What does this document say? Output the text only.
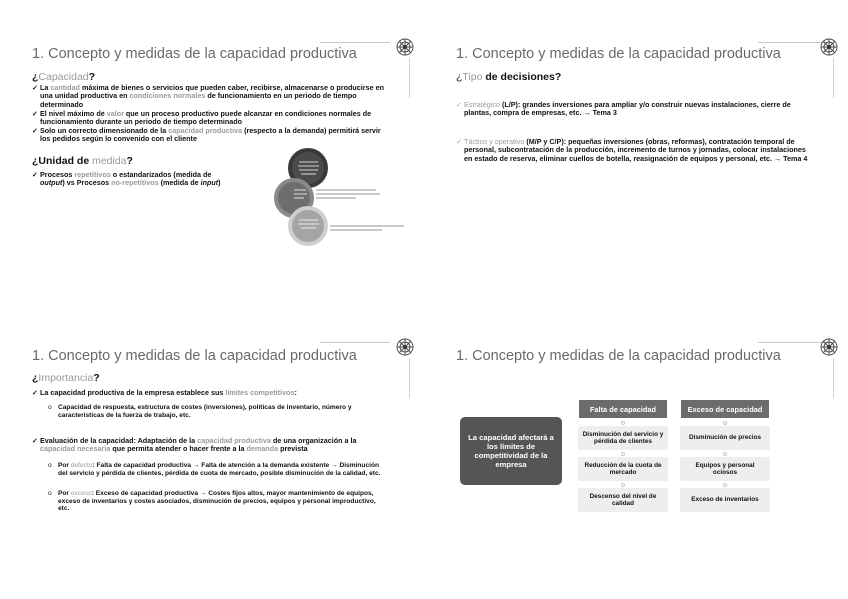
1. Concepto y medidas de la capacidad productiva
¿Capacidad?
✓ La cantidad máxima de bienes o servicios que pueden caber, recibirse, almacenarse o producirse en una unidad productiva en condiciones normales de funcionamiento en un periodo de tiempo determinado
✓ El nivel máximo de valor que un proceso productivo puede alcanzar en condiciones normales de funcionamiento durante un periodo de tiempo determinado
✓ Solo un correcto dimensionado de la capacidad productiva (respecto a la demanda) permitirá servir los pedidos según lo convenido con el cliente
¿Unidad de medida?
✓ Procesos repetitivos o estandarizados (medida de output) vs Procesos no-repetitivos (medida de input)
1. Concepto y medidas de la capacidad productiva
¿Tipo de decisiones?
✓ Estratégico (L/P): grandes inversiones para ampliar y/o construir nuevas instalaciones, cierre de plantas, compra de empresas, etc. → Tema 3
✓ Táctico y operativo (M/P y C/P): pequeñas inversiones (obras, reformas), contratación temporal de personal, subcontratación de la producción, incremento de turnos y jornadas, colocar instalaciones en estado de reserva, eliminar cuellos de botella, reasignación de equipos y personal, etc. → Tema 4
1. Concepto y medidas de la capacidad productiva
¿Importancia?
✓ La capacidad productiva de la empresa establece sus límites competitivos:
o Capacidad de respuesta, estructura de costes (inversiones), políticas de inventario, número y características de la fuerza de trabajo, etc.
✓ Evaluación de la capacidad: Adaptación de la capacidad productiva de una organización a la capacidad necesaria que permita atender o hacer frente a la demanda prevista
o Por defecto: Falta de capacidad productiva → Falta de atención a la demanda existente → Disminución del servicio y pérdida de clientes, pérdida de cuota de mercado, posible disminución de la calidad, etc.
o Por exceso: Exceso de capacidad productiva → Costes fijos altos, mayor mantenimiento de equipos, exceso de inventarios y costes asociados, disminución de precios, equipos y personal improductivo, etc.
1. Concepto y medidas de la capacidad productiva
La capacidad afectará a los límites de competitividad de la empresa
Falta de capacidad
Disminución del servicio y pérdida de clientes
Reducción de la cuota de mercado
Descenso del nivel de calidad
Exceso de capacidad
Disminución de precios
Equipos y personal ociosos
Exceso de inventarios
